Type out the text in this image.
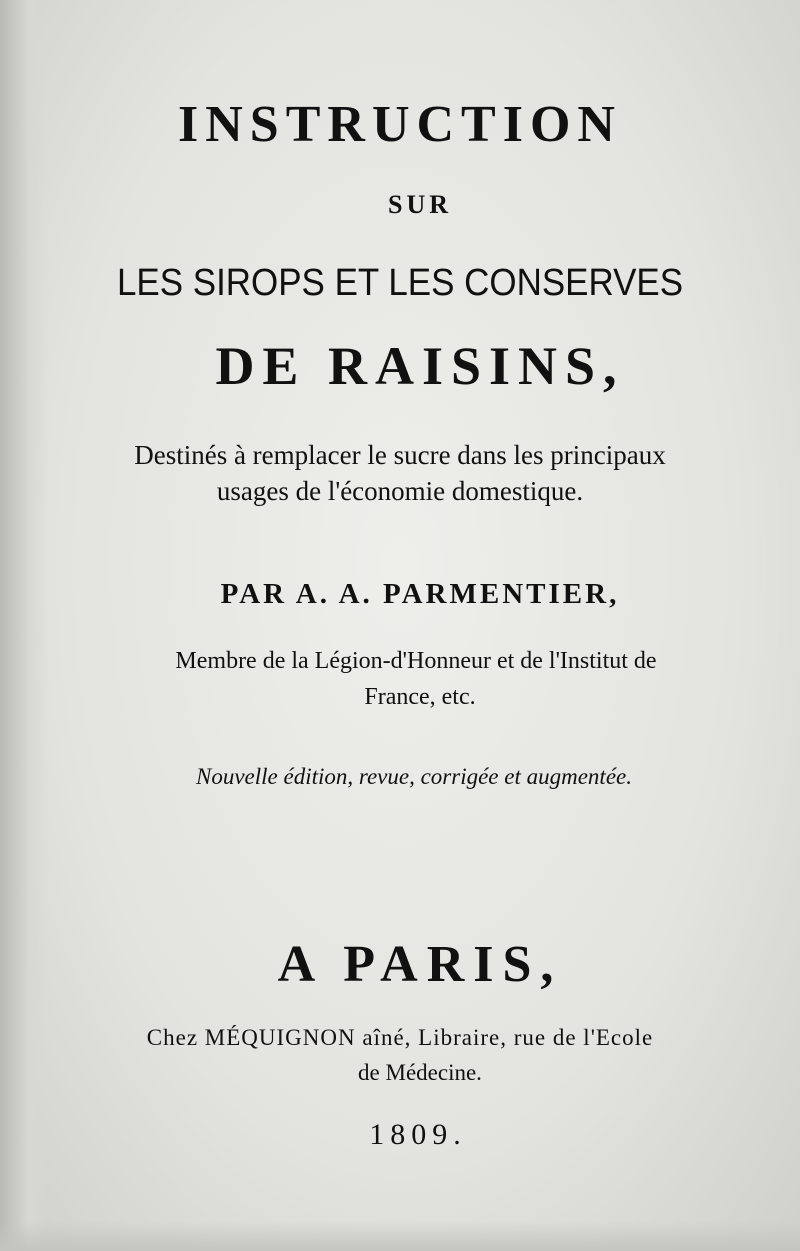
INSTRUCTION
SUR
LES SIROPS ET LES CONSERVES
DE RAISINS,
Destinés à remplacer le sucre dans les principaux
usages de l'économie domestique.
PAR A. A. PARMENTIER,
Membre de la Légion-d'Honneur et de l'Institut de
France, etc.
Nouvelle édition, revue, corrigée et augmentée.
A PARIS,
Chez MÉQUIGNON aîné, Libraire, rue de l'Ecole
de Médecine.
1809.
